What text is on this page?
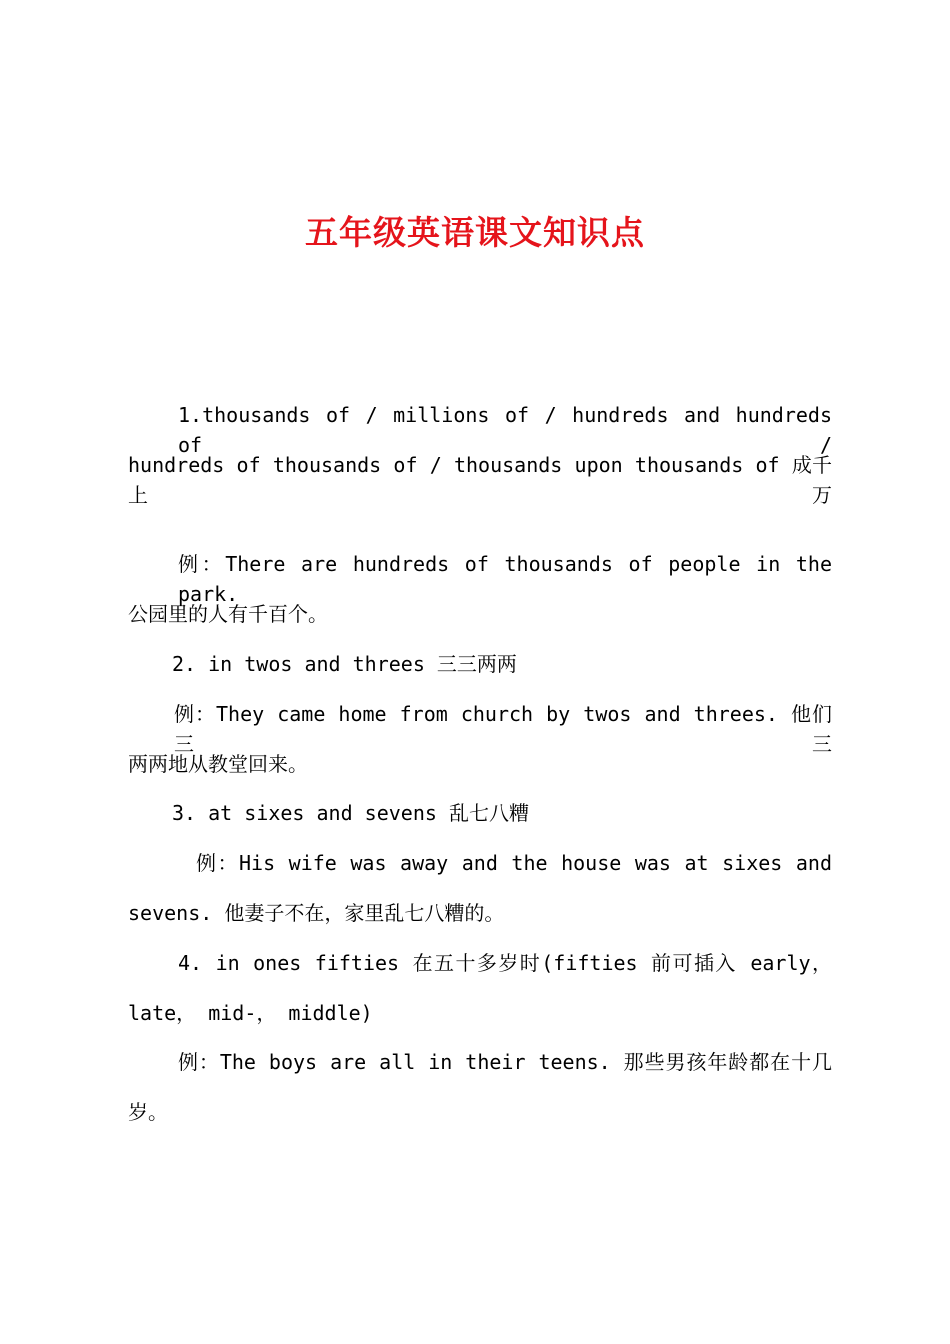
五年级英语课文知识点
1.thousands of / millions of / hundreds and hundreds of /
hundreds of thousands of / thousands upon thousands of 成千上万
例：There are hundreds of thousands of people in the park.
公园里的人有千百个。
2. in twos and threes 三三两两
例：They came home from church by twos and threes. 他们三三
两两地从教堂回来。
3. at sixes and sevens 乱七八糟
例：His wife was away and the house was at sixes and
sevens. 他妻子不在，家里乱七八糟的。
4. in ones fifties 在五十多岁时(fifties 前可插入 early，
late， mid-， middle)
例：The boys are all in their teens. 那些男孩年龄都在十几
岁。
